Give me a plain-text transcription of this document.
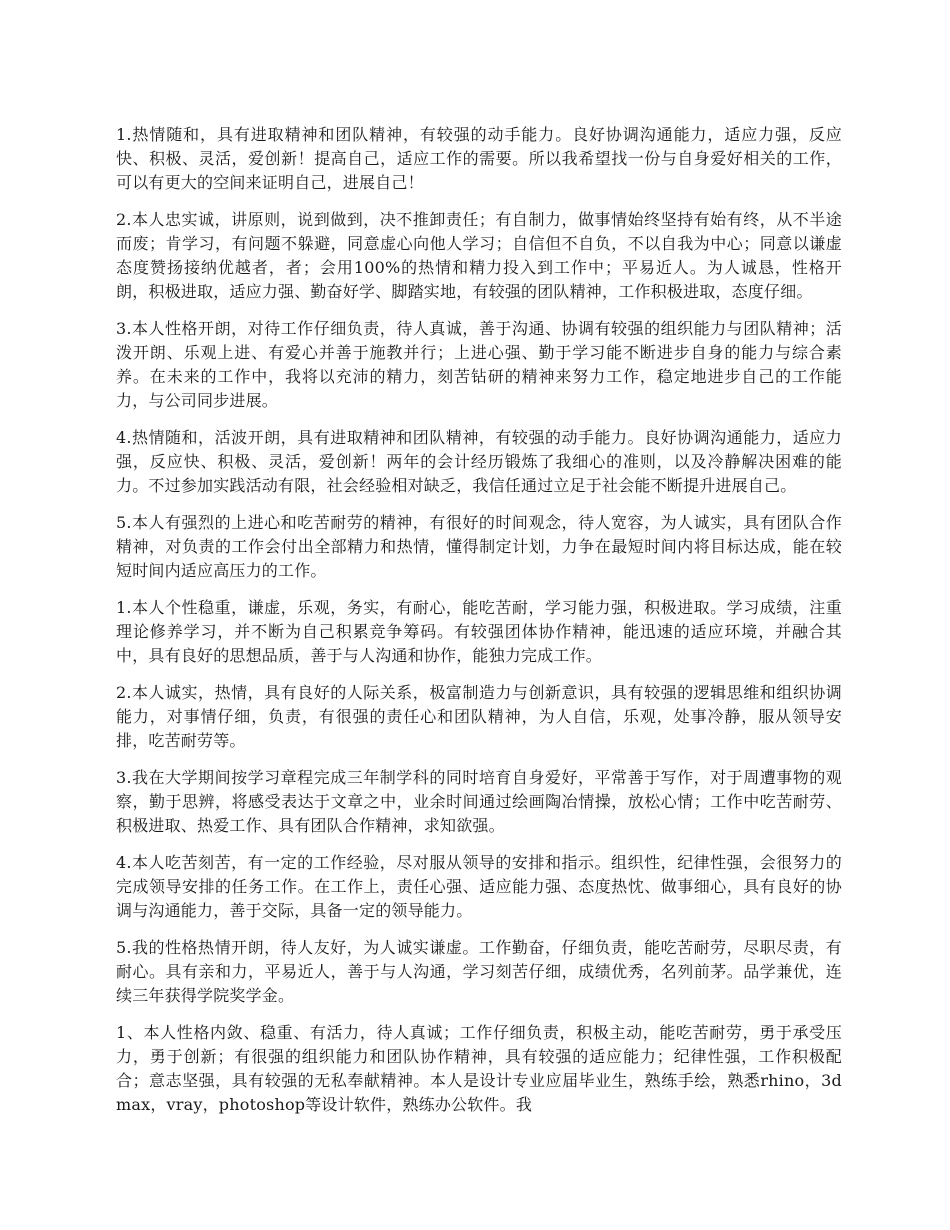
1.热情随和，具有进取精神和团队精神，有较强的动手能力。良好协调沟通能力，适应力强，反应快、积极、灵活，爱创新！提高自己，适应工作的需要。所以我希望找一份与自身爱好相关的工作，可以有更大的空间来证明自己，进展自己！

2.本人忠实诚，讲原则，说到做到，决不推卸责任；有自制力，做事情始终坚持有始有终，从不半途而废；肯学习，有问题不躲避，同意虚心向他人学习；自信但不自负，不以自我为中心；同意以谦虚态度赞扬接纳优越者，者；会用100%的热情和精力投入到工作中；平易近人。为人诚恳，性格开朗，积极进取，适应力强、勤奋好学、脚踏实地，有较强的团队精神，工作积极进取，态度仔细。

3.本人性格开朗，对待工作仔细负责，待人真诚，善于沟通、协调有较强的组织能力与团队精神；活泼开朗、乐观上进、有爱心并善于施教并行；上进心强、勤于学习能不断进步自身的能力与综合素养。在未来的工作中，我将以充沛的精力，刻苦钻研的精神来努力工作，稳定地进步自己的工作能力，与公司同步进展。

4.热情随和，活波开朗，具有进取精神和团队精神，有较强的动手能力。良好协调沟通能力，适应力强，反应快、积极、灵活，爱创新！两年的会计经历锻炼了我细心的准则，以及冷静解决困难的能力。不过参加实践活动有限，社会经验相对缺乏，我信任通过立足于社会能不断提升进展自己。

5.本人有强烈的上进心和吃苦耐劳的精神，有很好的时间观念，待人宽容，为人诚实，具有团队合作精神，对负责的工作会付出全部精力和热情，懂得制定计划，力争在最短时间内将目标达成，能在较短时间内适应高压力的工作。

1.本人个性稳重，谦虚，乐观，务实，有耐心，能吃苦耐，学习能力强，积极进取。学习成绩，注重理论修养学习，并不断为自己积累竞争筹码。有较强团体协作精神，能迅速的适应环境，并融合其中，具有良好的思想品质，善于与人沟通和协作，能独力完成工作。

2.本人诚实，热情，具有良好的人际关系，极富制造力与创新意识，具有较强的逻辑思维和组织协调能力，对事情仔细，负责，有很强的责任心和团队精神，为人自信，乐观，处事冷静，服从领导安排，吃苦耐劳等。

3.我在大学期间按学习章程完成三年制学科的同时培育自身爱好，平常善于写作，对于周遭事物的观察，勤于思辨，将感受表达于文章之中，业余时间通过绘画陶冶情操，放松心情；工作中吃苦耐劳、积极进取、热爱工作、具有团队合作精神，求知欲强。

4.本人吃苦刻苦，有一定的工作经验，尽对服从领导的安排和指示。组织性，纪律性强，会很努力的完成领导安排的任务工作。在工作上，责任心强、适应能力强、态度热忱、做事细心，具有良好的协调与沟通能力，善于交际，具备一定的领导能力。

5.我的性格热情开朗，待人友好，为人诚实谦虚。工作勤奋，仔细负责，能吃苦耐劳，尽职尽责，有耐心。具有亲和力，平易近人，善于与人沟通，学习刻苦仔细，成绩优秀，名列前茅。品学兼优，连续三年获得学院奖学金。

1、本人性格内敛、稳重、有活力，待人真诚；工作仔细负责，积极主动，能吃苦耐劳，勇于承受压力，勇于创新；有很强的组织能力和团队协作精神，具有较强的适应能力；纪律性强，工作积极配合；意志坚强，具有较强的无私奉献精神。本人是设计专业应届毕业生，熟练手绘，熟悉rhino，3dmax，vray，photoshop等设计软件，熟练办公软件。我
